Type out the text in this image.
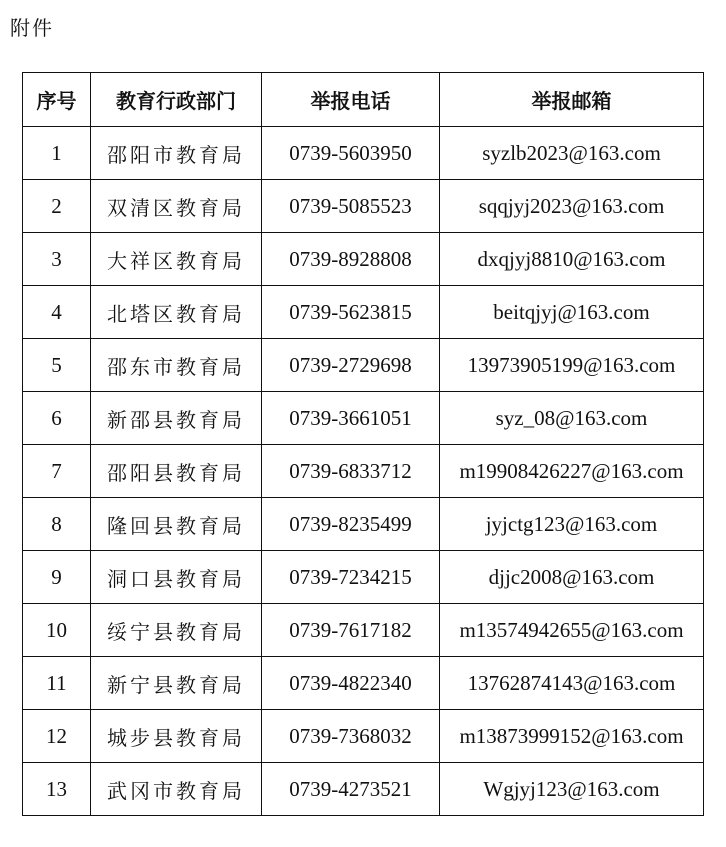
附件
序号	教育行政部门	举报电话	举报邮箱
1	邵阳市教育局	0739-5603950	syzlb2023@163.com
2	双清区教育局	0739-5085523	sqqjyj2023@163.com
3	大祥区教育局	0739-8928808	dxqjyj8810@163.com
4	北塔区教育局	0739-5623815	beitqjyj@163.com
5	邵东市教育局	0739-2729698	13973905199@163.com
6	新邵县教育局	0739-3661051	syz_08@163.com
7	邵阳县教育局	0739-6833712	m19908426227@163.com
8	隆回县教育局	0739-8235499	jyjctg123@163.com
9	洞口县教育局	0739-7234215	djjc2008@163.com
10	绥宁县教育局	0739-7617182	m13574942655@163.com
11	新宁县教育局	0739-4822340	13762874143@163.com
12	城步县教育局	0739-7368032	m13873999152@163.com
13	武冈市教育局	0739-4273521	Wgjyj123@163.com
